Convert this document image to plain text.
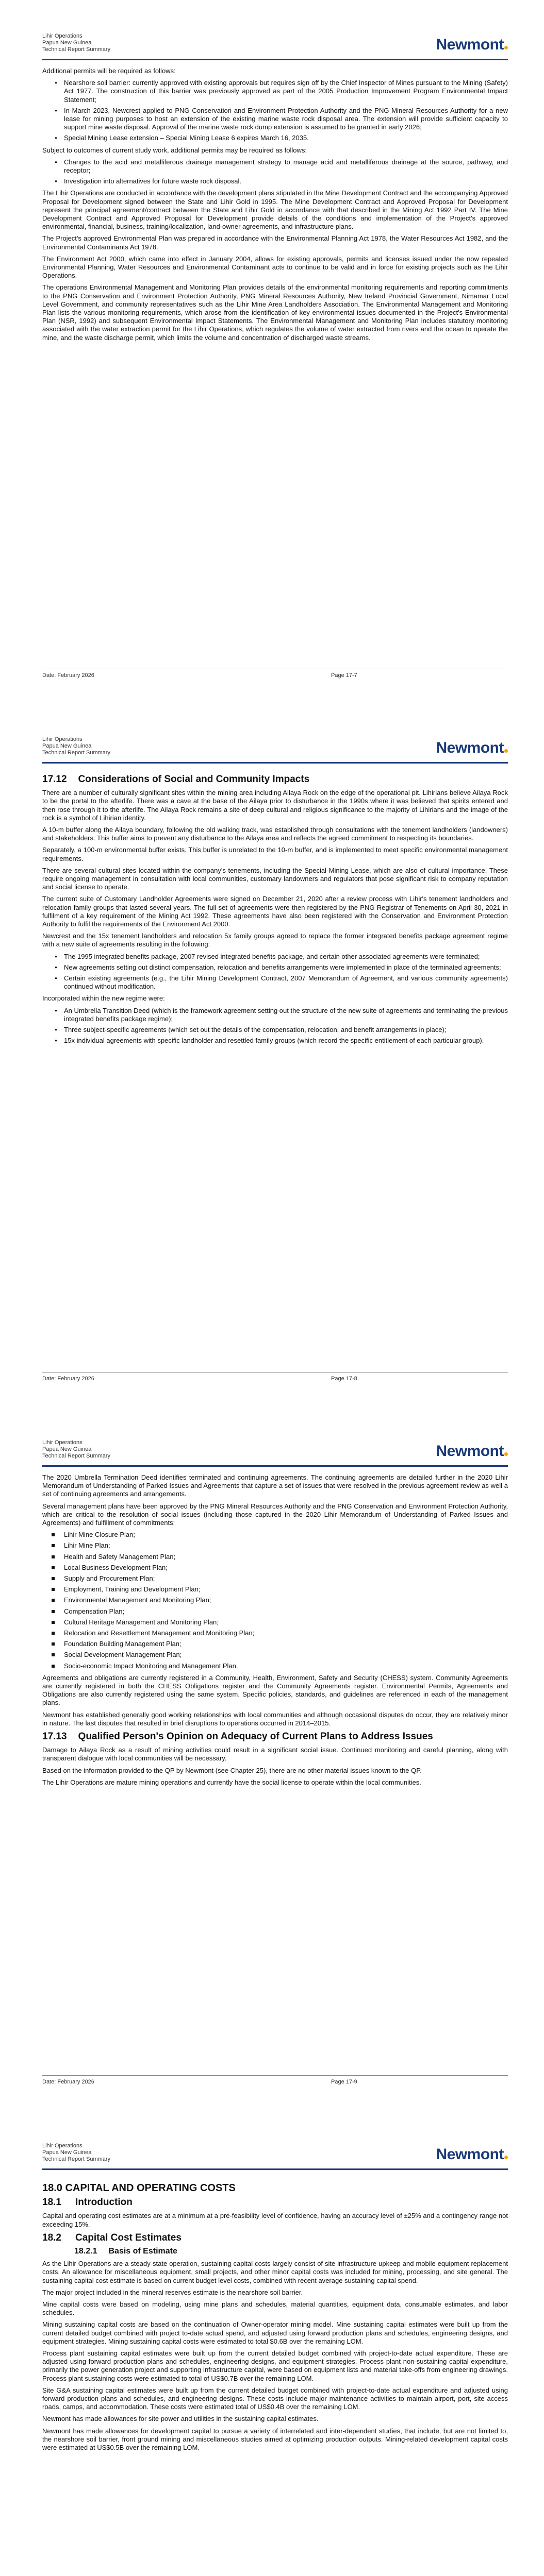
Lihir Operations
Papua New Guinea
Technical Report Summary	Newmont

Additional permits will be required as follows:

• Nearshore soil barrier: currently approved with existing approvals but requires sign off by the Chief Inspector of Mines pursuant to the Mining (Safety) Act 1977. The construction of this barrier was previously approved as part of the 2005 Production Improvement Program Environmental Impact Statement;
• In March 2023, Newcrest applied to PNG Conservation and Environment Protection Authority and the PNG Mineral Resources Authority for a new lease for mining purposes to host an extension of the existing marine waste rock disposal area. The extension will provide sufficient capacity to support mine waste disposal. Approval of the marine waste rock dump extension is assumed to be granted in early 2026;
• Special Mining Lease extension – Special Mining Lease 6 expires March 16, 2035.

Subject to outcomes of current study work, additional permits may be required as follows:

• Changes to the acid and metalliferous drainage management strategy to manage acid and metalliferous drainage at the source, pathway, and receptor;
• Investigation into alternatives for future waste rock disposal.

The Lihir Operations are conducted in accordance with the development plans stipulated in the Mine Development Contract and the accompanying Approved Proposal for Development signed between the State and Lihir Gold in 1995. The Mine Development Contract and Approved Proposal for Development represent the principal agreement/contract between the State and Lihir Gold in accordance with that described in the Mining Act 1992 Part IV. The Mine Development Contract and Approved Proposal for Development provide details of the conditions and implementation of the Project's approved environmental, financial, business, training/localization, land-owner agreements, and infrastructure plans.

The Project's approved Environmental Plan was prepared in accordance with the Environmental Planning Act 1978, the Water Resources Act 1982, and the Environmental Contaminants Act 1978.

The Environment Act 2000, which came into effect in January 2004, allows for existing approvals, permits and licenses issued under the now repealed Environmental Planning, Water Resources and Environmental Contaminant acts to continue to be valid and in force for existing projects such as the Lihir Operations.

The operations Environmental Management and Monitoring Plan provides details of the environmental monitoring requirements and reporting commitments to the PNG Conservation and Environment Protection Authority, PNG Mineral Resources Authority, New Ireland Provincial Government, Nimamar Local Level Government, and community representatives such as the Lihir Mine Area Landholders Association. The Environmental Management and Monitoring Plan lists the various monitoring requirements, which arose from the identification of key environmental issues documented in the Project's Environmental Plan (NSR, 1992) and subsequent Environmental Impact Statements. The Environmental Management and Monitoring Plan includes statutory monitoring associated with the water extraction permit for the Lihir Operations, which regulates the volume of water extracted from rivers and the ocean to operate the mine, and the waste discharge permit, which limits the volume and concentration of discharged waste streams.

Date: February 2026	Page 17-7
Lihir Operations
Papua New Guinea
Technical Report Summary	Newmont
17.12 Considerations of Social and Community Impacts

There are a number of culturally significant sites within the mining area including Ailaya Rock on the edge of the operational pit. Lihirians believe Ailaya Rock to be the portal to the afterlife. There was a cave at the base of the Ailaya prior to disturbance in the 1990s where it was believed that spirits entered and then rose through it to the afterlife. The Ailaya Rock remains a site of deep cultural and religious significance to the majority of Lihirians and the image of the rock is a symbol of Lihirian identity.

A 10-m buffer along the Ailaya boundary, following the old walking track, was established through consultations with the tenement landholders (landowners) and stakeholders. This buffer aims to prevent any disturbance to the Ailaya area and reflects the agreed commitment to respecting its boundaries.

Separately, a 100-m environmental buffer exists. This buffer is unrelated to the 10-m buffer, and is implemented to meet specific environmental management requirements.

There are several cultural sites located within the company's tenements, including the Special Mining Lease, which are also of cultural importance. These require ongoing management in consultation with local communities, customary landowners and regulators that pose significant risk to company reputation and social license to operate.

The current suite of Customary Landholder Agreements were signed on December 21, 2020 after a review process with Lihir's tenement landholders and relocation family groups that lasted several years. The full set of agreements were then registered by the PNG Registrar of Tenements on April 30, 2021 in fulfilment of a key requirement of the Mining Act 1992. These agreements have also been registered with the Conservation and Environment Protection Authority to fulfil the requirements of the Environment Act 2000.

Newcrest and the 15x tenement landholders and relocation 5x family groups agreed to replace the former integrated benefits package agreement regime with a new suite of agreements resulting in the following:

• The 1995 integrated benefits package, 2007 revised integrated benefits package, and certain other associated agreements were terminated;
• New agreements setting out distinct compensation, relocation and benefits arrangements were implemented in place of the terminated agreements;
• Certain existing agreements (e.g., the Lihir Mining Development Contract, 2007 Memorandum of Agreement, and various community agreements) continued without modification.

Incorporated within the new regime were:

• An Umbrella Transition Deed (which is the framework agreement setting out the structure of the new suite of agreements and terminating the previous integrated benefits package regime);
• Three subject-specific agreements (which set out the details of the compensation, relocation, and benefit arrangements in place);
• 15x individual agreements with specific landholder and resettled family groups (which record the specific entitlement of each particular group).
Date: February 2026	Page 17-8
Lihir Operations
Papua New Guinea
Technical Report Summary	Newmont

The 2020 Umbrella Termination Deed identifies terminated and continuing agreements. The continuing agreements are detailed further in the 2020 Lihir Memorandum of Understanding of Parked Issues and Agreements that capture a set of issues that were resolved in the previous agreement review as well a set of continuing agreements and arrangements.

Several management plans have been approved by the PNG Mineral Resources Authority and the PNG Conservation and Environment Protection Authority, which are critical to the resolution of social issues (including those captured in the 2020 Lihir Memorandum of Understanding of Parked Issues and Agreements) and fulfillment of commitments:

Lihir Mine Closure Plan;
Lihir Mine Plan;
Health and Safety Management Plan;
Local Business Development Plan;
Supply and Procurement Plan;
Employment, Training and Development Plan;
Environmental Management and Monitoring Plan;
Compensation Plan;
Cultural Heritage Management and Monitoring Plan;
Relocation and Resettlement Management and Monitoring Plan;
Foundation Building Management Plan;
Social Development Management Plan;
Socio-economic Impact Monitoring and Management Plan.

Agreements and obligations are currently registered in a Community, Health, Environment, Safety and Security (CHESS) system. Community Agreements are currently registered in both the CHESS Obligations register and the Community Agreements register. Environmental Permits, Agreements and Obligations are also currently registered using the same system. Specific policies, standards, and guidelines are referenced in each of the management plans.

Newmont has established generally good working relationships with local communities and although occasional disputes do occur, they are relatively minor in nature. The last disputes that resulted in brief disruptions to operations occurred in 2014–2015.

17.13 Qualified Person's Opinion on Adequacy of Current Plans to Address Issues

Damage to Ailaya Rock as a result of mining activities could result in a significant social issue. Continued monitoring and careful planning, along with transparent dialogue with local communities will be necessary.

Based on the information provided to the QP by Newmont (see Chapter 25), there are no other material issues known to the QP.

The Lihir Operations are mature mining operations and currently have the social license to operate within the local communities.

Date: February 2026	Page 17-9
Lihir Operations
Papua New Guinea
Technical Report Summary	Newmont
18.0 CAPITAL AND OPERATING COSTS
18.1 Introduction

Capital and operating cost estimates are at a minimum at a pre-feasibility level of confidence, having an accuracy level of ±25% and a contingency range not exceeding 15%.

18.2 Capital Cost Estimates
18.2.1 Basis of Estimate

As the Lihir Operations are a steady-state operation, sustaining capital costs largely consist of site infrastructure upkeep and mobile equipment replacement costs. An allowance for miscellaneous equipment, small projects, and other minor capital costs was included for mining, processing, and site general. The sustaining capital cost estimate is based on current budget level costs, combined with recent average sustaining capital spend.

The major project included in the mineral reserves estimate is the nearshore soil barrier.

Mine capital costs were based on modeling, using mine plans and schedules, material quantities, equipment data, consumable estimates, and labor schedules.

Mining sustaining capital costs are based on the continuation of Owner-operator mining model. Mine sustaining capital estimates were built up from the current detailed budget combined with project to-date actual spend, and adjusted using forward production plans and schedules, engineering designs, and equipment strategies. Mining sustaining capital costs were estimated to total $0.6B over the remaining LOM.

Process plant sustaining capital estimates were built up from the current detailed budget combined with project-to-date actual expenditure. These are adjusted using forward production plans and schedules, engineering designs, and equipment strategies. Process plant non-sustaining capital expenditure, primarily the power generation project and supporting infrastructure capital, were based on equipment lists and material take-offs from engineering drawings. Process plant sustaining costs were estimated to total of US$0.7B over the remaining LOM.

Site G&A sustaining capital estimates were built up from the current detailed budget combined with project-to-date actual expenditure and adjusted using forward production plans and schedules, and engineering designs. These costs include major maintenance activities to maintain airport, port, site access roads, camps, and accommodation. These costs were estimated total of US$0.4B over the remaining LOM.

Newmont has made allowances for site power and utilities in the sustaining capital estimates.

Newmont has made allowances for development capital to pursue a variety of interrelated and inter-dependent studies, that include, but are not limited to, the nearshore soil barrier, front ground mining and miscellaneous studies aimed at optimizing production outputs. Mining-related development capital costs were estimated at US$0.5B over the remaining LOM.
